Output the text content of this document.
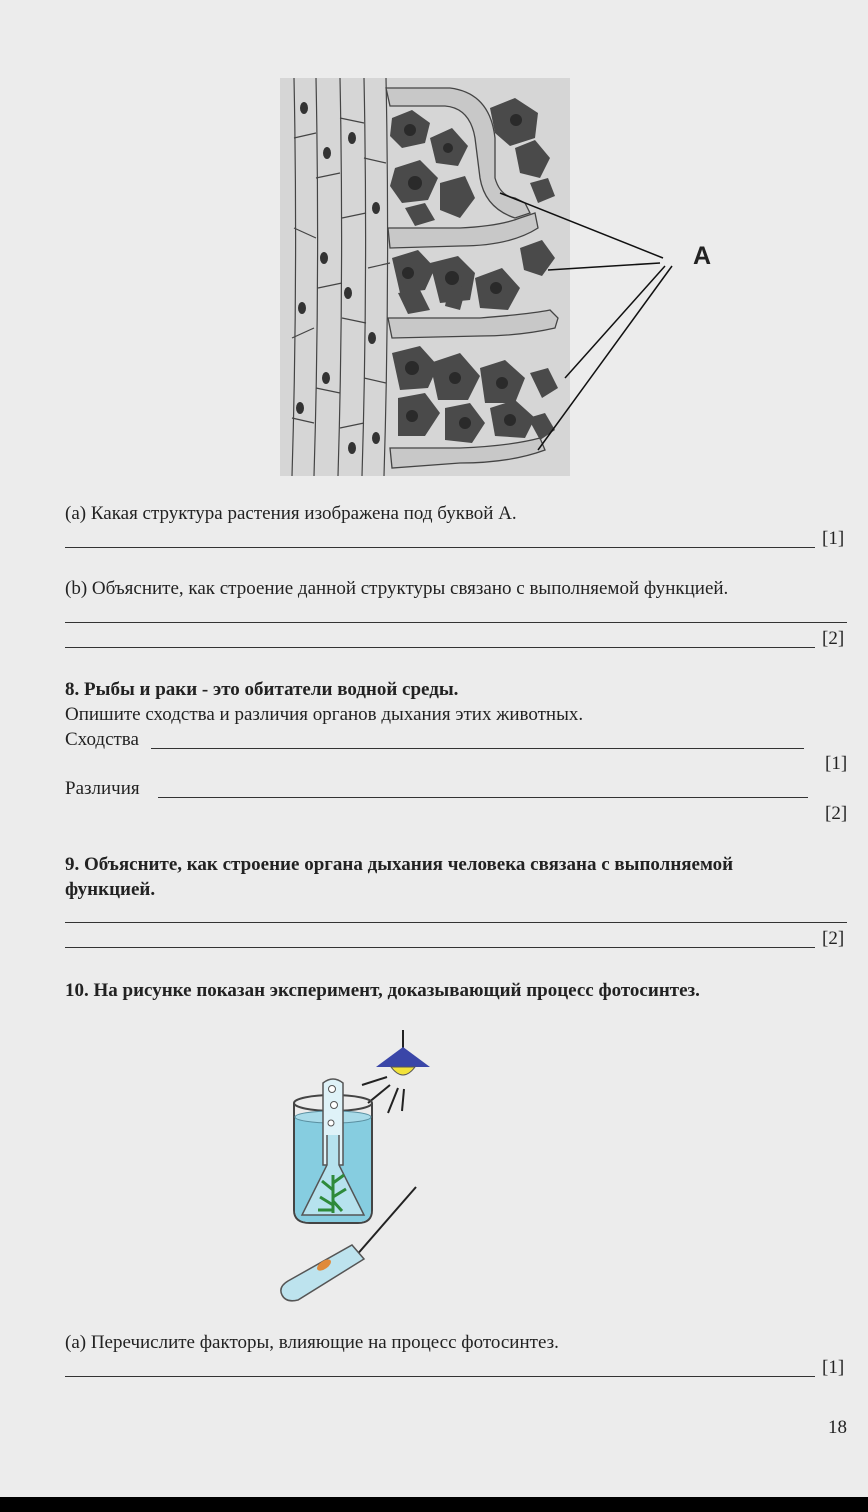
A
(a) Какая структура растения изображена под буквой А.
[1]
(b) Объясните, как строение данной структуры связано с выполняемой функцией.
[2]
8. Рыбы и раки - это обитатели водной среды.
Опишите сходства и различия органов дыхания этих животных.
Сходства
[1]
Различия
[2]
9. Объясните, как строение органа дыхания человека связана с выполняемой
функцией.
[2]
10. На рисунке показан эксперимент, доказывающий процесс фотосинтез.
(a) Перечислите факторы, влияющие на процесс фотосинтез.
[1]
18
